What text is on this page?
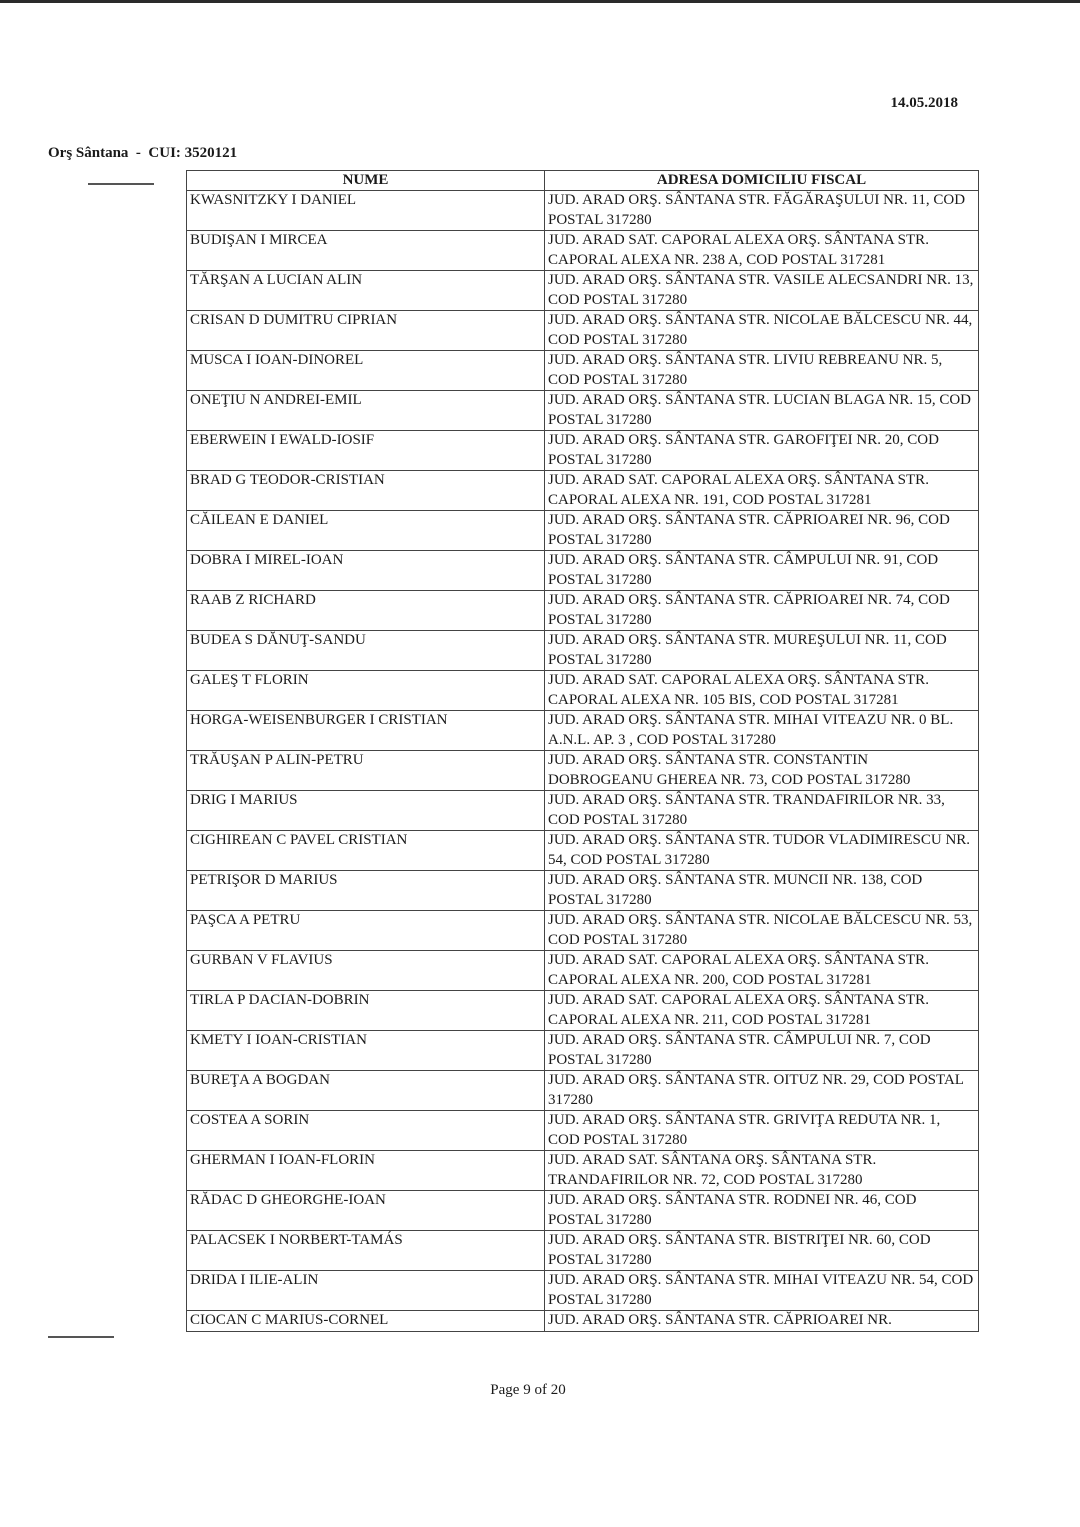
14.05.2018
Orş Sântana  -  CUI: 3520121
NUME	ADRESA DOMICILIU FISCAL
KWASNITZKY I DANIEL	JUD. ARAD ORŞ. SÂNTANA STR. FĂGĂRAŞULUI NR. 11, COD POSTAL 317280
BUDIŞAN I MIRCEA	JUD. ARAD SAT. CAPORAL ALEXA ORŞ. SÂNTANA STR. CAPORAL ALEXA NR. 238 A, COD POSTAL 317281
TĂRŞAN A LUCIAN ALIN	JUD. ARAD ORŞ. SÂNTANA STR. VASILE ALECSANDRI NR. 13, COD POSTAL 317280
CRISAN D DUMITRU CIPRIAN	JUD. ARAD ORŞ. SÂNTANA STR. NICOLAE BĂLCESCU NR. 44, COD POSTAL 317280
MUSCA I IOAN-DINOREL	JUD. ARAD ORŞ. SÂNTANA STR. LIVIU REBREANU NR. 5, COD POSTAL 317280
ONEŢIU N ANDREI-EMIL	JUD. ARAD ORŞ. SÂNTANA STR. LUCIAN BLAGA NR. 15, COD POSTAL 317280
EBERWEIN I EWALD-IOSIF	JUD. ARAD ORŞ. SÂNTANA STR. GAROFIŢEI NR. 20, COD POSTAL 317280
BRAD G TEODOR-CRISTIAN	JUD. ARAD SAT. CAPORAL ALEXA ORŞ. SÂNTANA STR. CAPORAL ALEXA NR. 191, COD POSTAL 317281
CĂILEAN E DANIEL	JUD. ARAD ORŞ. SÂNTANA STR. CĂPRIOAREI NR. 96, COD POSTAL 317280
DOBRA I MIREL-IOAN	JUD. ARAD ORŞ. SÂNTANA STR. CÂMPULUI NR. 91, COD POSTAL 317280
RAAB Z RICHARD	JUD. ARAD ORŞ. SÂNTANA STR. CĂPRIOAREI NR. 74, COD POSTAL 317280
BUDEA S DĂNUŢ-SANDU	JUD. ARAD ORŞ. SÂNTANA STR. MUREŞULUI NR. 11, COD POSTAL 317280
GALEŞ T FLORIN	JUD. ARAD SAT. CAPORAL ALEXA ORŞ. SÂNTANA STR. CAPORAL ALEXA NR. 105 BIS, COD POSTAL 317281
HORGA-WEISENBURGER I CRISTIAN	JUD. ARAD ORŞ. SÂNTANA STR. MIHAI VITEAZU NR. 0 BL. A.N.L. AP. 3 , COD POSTAL 317280
TRĂUŞAN P ALIN-PETRU	JUD. ARAD ORŞ. SÂNTANA STR. CONSTANTIN DOBROGEANU GHEREA NR. 73, COD POSTAL 317280
DRIG I MARIUS	JUD. ARAD ORŞ. SÂNTANA STR. TRANDAFIRILOR NR. 33, COD POSTAL 317280
CIGHIREAN C PAVEL CRISTIAN	JUD. ARAD ORŞ. SÂNTANA STR. TUDOR VLADIMIRESCU NR. 54, COD POSTAL 317280
PETRIŞOR D MARIUS	JUD. ARAD ORŞ. SÂNTANA STR. MUNCII NR. 138, COD POSTAL 317280
PAŞCA A PETRU	JUD. ARAD ORŞ. SÂNTANA STR. NICOLAE BĂLCESCU NR. 53, COD POSTAL 317280
GURBAN V FLAVIUS	JUD. ARAD SAT. CAPORAL ALEXA ORŞ. SÂNTANA STR. CAPORAL ALEXA NR. 200, COD POSTAL 317281
TIRLA P DACIAN-DOBRIN	JUD. ARAD SAT. CAPORAL ALEXA ORŞ. SÂNTANA STR. CAPORAL ALEXA NR. 211, COD POSTAL 317281
KMETY I IOAN-CRISTIAN	JUD. ARAD ORŞ. SÂNTANA STR. CÂMPULUI NR. 7, COD POSTAL 317280
BUREŢA A BOGDAN	JUD. ARAD ORŞ. SÂNTANA STR. OITUZ NR. 29, COD POSTAL 317280
COSTEA A SORIN	JUD. ARAD ORŞ. SÂNTANA STR. GRIVIŢA REDUTA NR. 1, COD POSTAL 317280
GHERMAN I IOAN-FLORIN	JUD. ARAD SAT. SÂNTANA ORŞ. SÂNTANA STR. TRANDAFIRILOR NR. 72, COD POSTAL 317280
RĂDAC D GHEORGHE-IOAN	JUD. ARAD ORŞ. SÂNTANA STR. RODNEI NR. 46, COD POSTAL 317280
PALACSEK I NORBERT-TAMÁS	JUD. ARAD ORŞ. SÂNTANA STR. BISTRIŢEI NR. 60, COD POSTAL 317280
DRIDA I ILIE-ALIN	JUD. ARAD ORŞ. SÂNTANA STR. MIHAI VITEAZU NR. 54, COD POSTAL 317280
CIOCAN C MARIUS-CORNEL	JUD. ARAD ORŞ. SÂNTANA STR. CĂPRIOAREI NR.
Page 9 of 20
